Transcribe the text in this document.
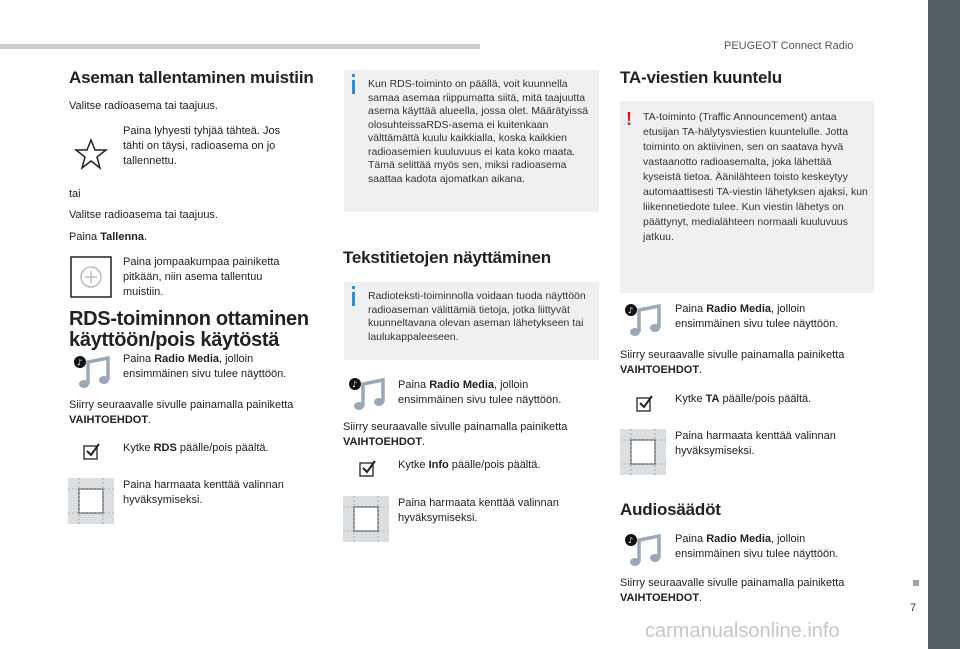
PEUGEOT Connect Radio
7
carmanualsonline.info
Aseman tallentaminen muistiin
Valitse radioasema tai taajuus.
Paina lyhyesti tyhjää tähteä. Jos tähti on täysi, radioasema on jo tallennettu.
tai
Valitse radioasema tai taajuus.
Paina Tallenna.
Paina jompaakumpaa painiketta pitkään, niin asema tallentuu muistiin.
RDS-toiminnon ottaminen käyttöön/pois käytöstä
♪	Paina Radio Media, jolloin ensimmäinen sivu tulee näyttöön.
Siirry seuraavalle sivulle painamalla painiketta VAIHTOEHDOT.
Kytke RDS päälle/pois päältä.
Paina harmaata kenttää valinnan hyväksymiseksi.
Kun RDS-toiminto on päällä, voit kuunnella samaa asemaa riippumatta siitä, mitä taajuutta asema käyttää alueella, jossa olet. Määrätyissä olosuhteissaRDS-asema ei kuitenkaan välttämättä kuulu kaikkialla, koska kaikkien radioasemien kuuluvuus ei kata koko maata. Tämä selittää myös sen, miksi radioasema saattaa kadota ajomatkan aikana.
Tekstitietojen näyttäminen
Radioteksti-toiminnolla voidaan tuoda näyttöön radioaseman välittämiä tietoja, jotka liittyvät kuunneltavana olevan aseman lähetykseen tai laulukappaleeseen.
♪	Paina Radio Media, jolloin ensimmäinen sivu tulee näyttöön.
Siirry seuraavalle sivulle painamalla painiketta VAIHTOEHDOT.
Kytke Info päälle/pois päältä.
Paina harmaata kenttää valinnan hyväksymiseksi.
TA-viestien kuuntelu
! TA-toiminto (Traffic Announcement) antaa etusijan TA-hälytysviestien kuuntelulle. Jotta toiminto on aktiivinen, sen on saatava hyvä vastaanotto radioasemalta, joka lähettää kyseistä tietoa. Äänilähteen toisto keskeytyy automaattisesti TA-viestin lähetyksen ajaksi, kun liikennetiedote tulee. Kun viestin lähetys on päättynyt, medialähteen normaali kuuluvuus jatkuu.
♪	Paina Radio Media, jolloin ensimmäinen sivu tulee näyttöön.
Siirry seuraavalle sivulle painamalla painiketta VAIHTOEHDOT.
Kytke TA päälle/pois päältä.
Paina harmaata kenttää valinnan hyväksymiseksi.
Audiosäädöt
♪	Paina Radio Media, jolloin ensimmäinen sivu tulee näyttöön.
Siirry seuraavalle sivulle painamalla painiketta VAIHTOEHDOT.
